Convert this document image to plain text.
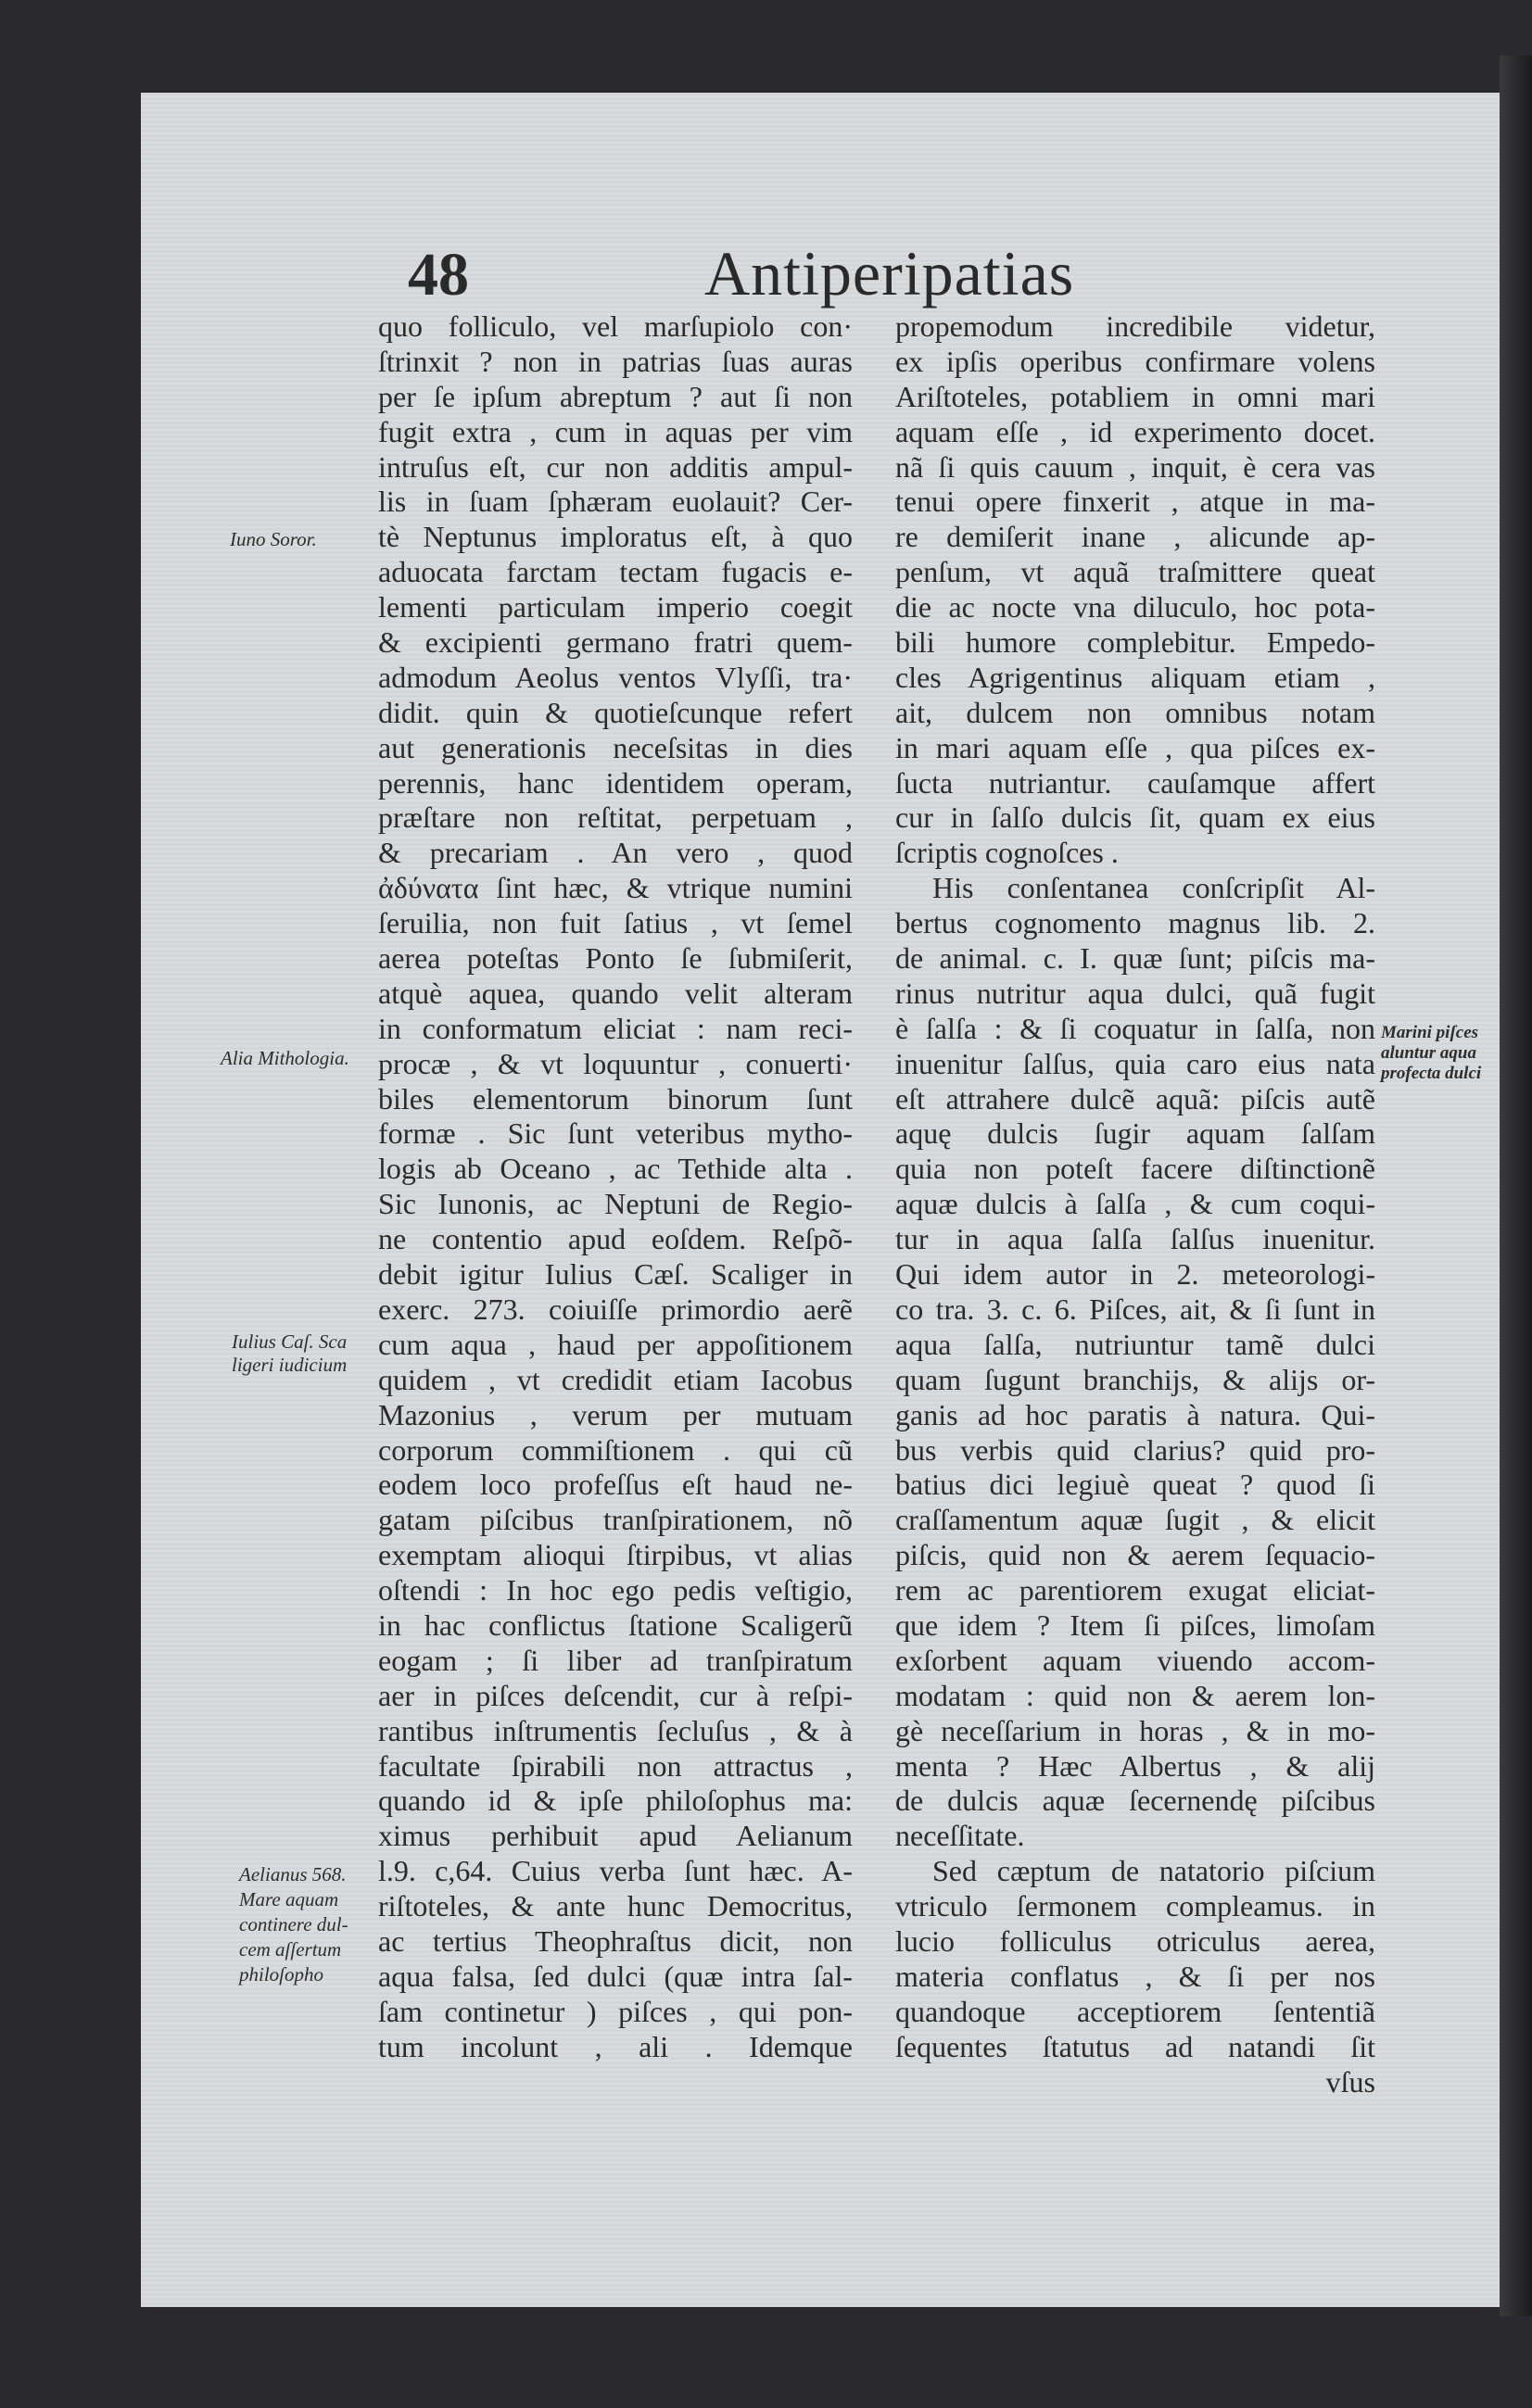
48	Antiperipatias
quo folliculo, vel marſupiolo con·
ſtrinxit ? non in patrias ſuas auras
per ſe ipſum abreptum ? aut ſi non
fugit extra , cum in aquas per vim
intruſus eſt, cur non additis ampul-
lis in ſuam ſphæram euolauit? Cer-
tè Neptunus imploratus eſt, à quo
aduocata farctam tectam fugacis e-
lementi particulam imperio coegit
& excipienti germano fratri quem-
admodum Aeolus ventos Vlyſſi, tra·
didit. quin & quotieſcunque refert
aut generationis neceſsitas in dies
perennis, hanc identidem operam,
præſtare non reſtitat, perpetuam ,
& precariam . An vero , quod
ἀδύνατα ſint hæc, & vtrique numini
ſeruilia, non fuit ſatius , vt ſemel
aerea poteſtas Ponto ſe ſubmiſerit,
atquè aquea, quando velit alteram
in conformatum eliciat : nam reci-
procæ , & vt loquuntur , conuerti·
biles elementorum binorum ſunt
formæ . Sic ſunt veteribus mytho-
logis ab Oceano , ac Tethide alta .
Sic Iunonis, ac Neptuni de Regio-
ne contentio apud eoſdem. Reſpõ-
debit igitur Iulius Cæſ. Scaliger in
exerc. 273. coiuiſſe primordio aerẽ
cum aqua , haud per appoſitionem
quidem , vt credidit etiam Iacobus
Mazonius , verum per mutuam
corporum commiſtionem . qui cũ
eodem loco profeſſus eſt haud ne-
gatam piſcibus tranſpirationem, nõ
exemptam alioqui ſtirpibus, vt alias
oſtendi : In hoc ego pedis veſtigio,
in hac conflictus ſtatione Scaligerũ
eogam ; ſi liber ad tranſpiratum
aer in piſces deſcendit, cur à reſpi-
rantibus inſtrumentis ſecluſus , & à
facultate ſpirabili non attractus ,
quando id & ipſe philoſophus ma:
ximus perhibuit apud Aelianum
l.9. c,64. Cuius verba ſunt hæc. A-
riſtoteles, & ante hunc Democritus,
ac tertius Theophraſtus dicit, non
aqua falsa, ſed dulci (quæ intra ſal-
ſam continetur ) piſces , qui pon-
tum incolunt , ali . Idemque
propemodum incredibile videtur,
ex ipſis operibus confirmare volens
Ariſtoteles, potabliem in omni mari
aquam eſſe , id experimento docet.
nã ſi quis cauum , inquit, è cera vas
tenui opere finxerit , atque in ma-
re demiſerit inane , alicunde ap-
penſum, vt aquã traſmittere queat
die ac nocte vna diluculo, hoc pota-
bili humore complebitur. Empedo-
cles Agrigentinus aliquam etiam ,
ait, dulcem non omnibus notam
in mari aquam eſſe , qua piſces ex-
ſucta nutriantur. cauſamque affert
cur in ſalſo dulcis ſit, quam ex eius
ſcriptis cognoſces .
His conſentanea conſcripſit Al-
bertus cognomento magnus lib. 2.
de animal. c. I. quæ ſunt; piſcis ma-
rinus nutritur aqua dulci, quã fugit
è ſalſa : & ſi coquatur in ſalſa, non
inuenitur ſalſus, quia caro eius nata
eſt attrahere dulcẽ aquã: piſcis autẽ
aquę dulcis ſugir aquam ſalſam
quia non poteſt facere diſtinctionẽ
aquæ dulcis à ſalſa , & cum coqui-
tur in aqua ſalſa ſalſus inuenitur.
Qui idem autor in 2. meteorologi-
co tra. 3. c. 6. Piſces, ait, & ſi ſunt in
aqua ſalſa, nutriuntur tamẽ dulci
quam ſugunt branchijs, & alijs or-
ganis ad hoc paratis à natura. Qui-
bus verbis quid clarius? quid pro-
batius dici legiuè queat ? quod ſi
craſſamentum aquæ ſugit , & elicit
piſcis, quid non & aerem ſequacio-
rem ac parentiorem exugat eliciat-
que idem ? Item ſi piſces, limoſam
exſorbent aquam viuendo accom-
modatam : quid non & aerem lon-
gè neceſſarium in horas , & in mo-
menta ? Hæc Albertus , & alij
de dulcis aquæ ſecernendę piſcibus
neceſſitate.
Sed cæptum de natatorio piſcium
vtriculo ſermonem compleamus. in
lucio folliculus otriculus aerea,
materia conflatus , & ſi per nos
quandoque acceptiorem ſententiã
ſequentes ſtatutus ad natandi ſit
vſus
Iuno Soror.
Alia Mithologia.
Iulius Caſ. Sca
ligeri iudicium
Aelianus 568.
Mare aquam
continere dul-
cem aſſertum
philoſopho
Marini piſces
aluntur aqua
profecta dulci
